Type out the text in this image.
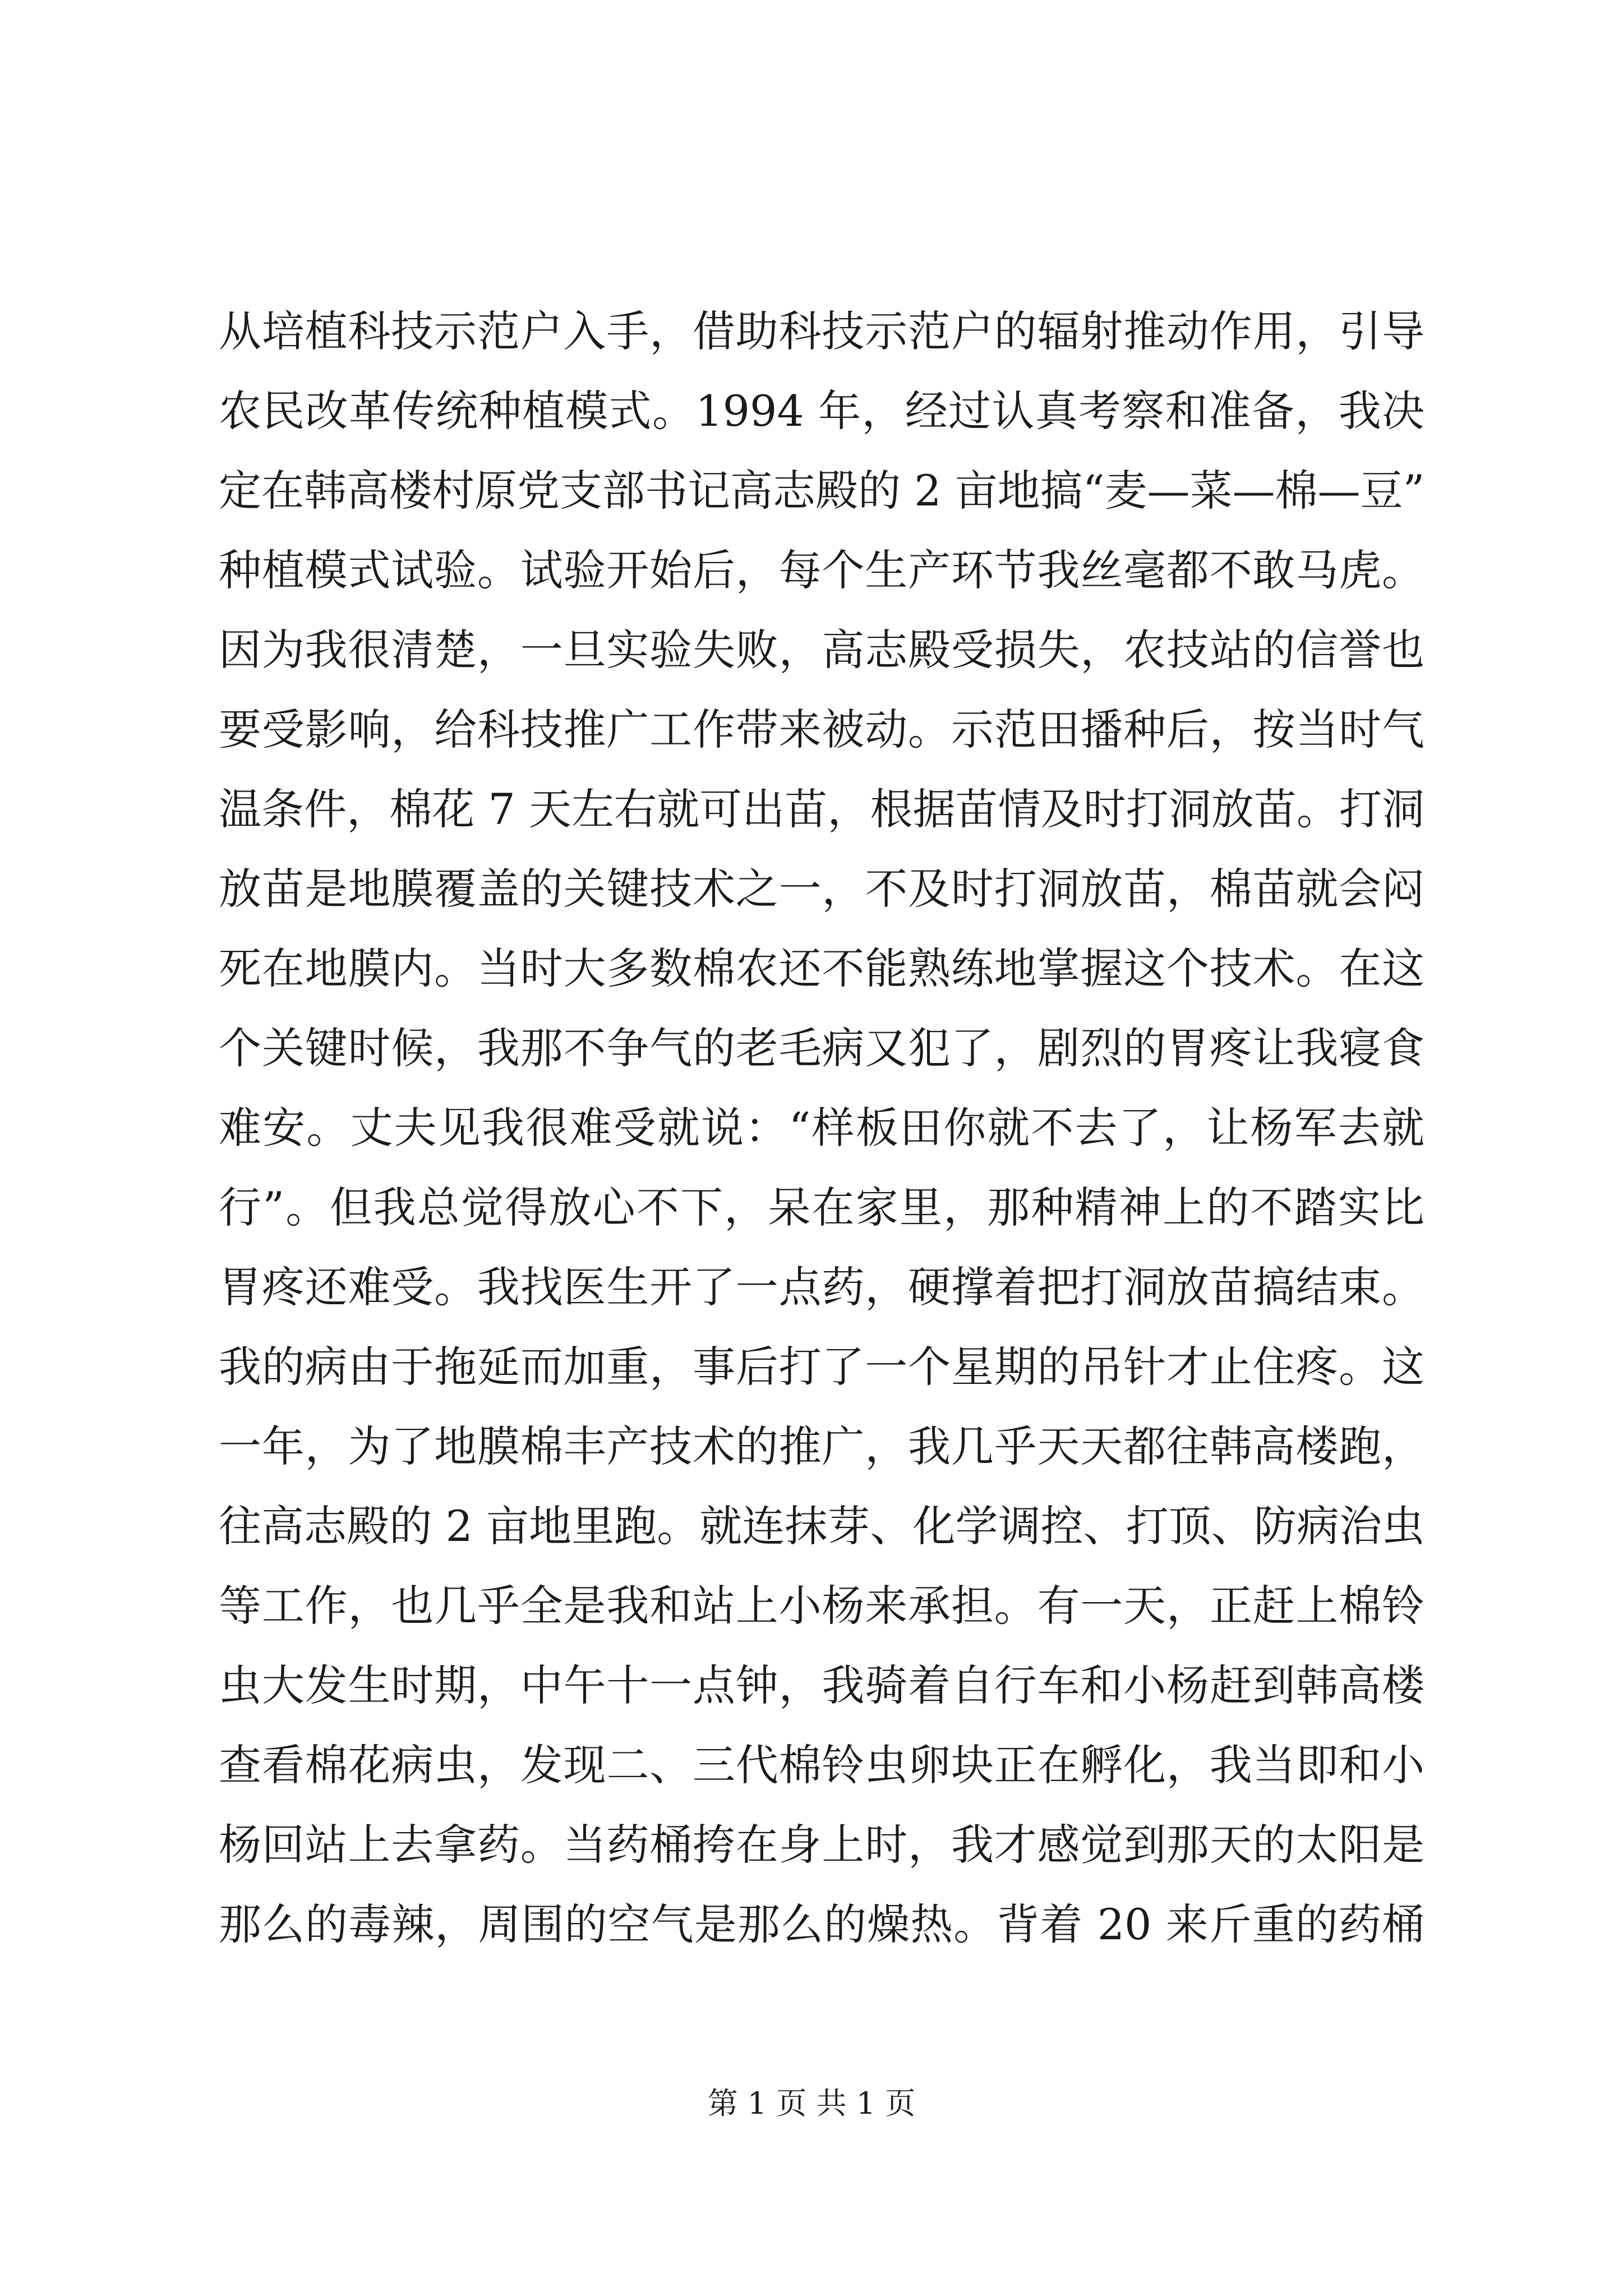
从培植科技示范户入手，借助科技示范户的辐射推动作用，引导
农民改革传统种植模式。1994 年，经过认真考察和准备，我决
定在韩高楼村原党支部书记高志殿的 2 亩地搞“麦—菜—棉—豆”
种植模式试验。试验开始后，每个生产环节我丝毫都不敢马虎。
因为我很清楚，一旦实验失败，高志殿受损失，农技站的信誉也
要受影响，给科技推广工作带来被动。示范田播种后，按当时气
温条件，棉花 7 天左右就可出苗，根据苗情及时打洞放苗。打洞
放苗是地膜覆盖的关键技术之一，不及时打洞放苗，棉苗就会闷
死在地膜内。当时大多数棉农还不能熟练地掌握这个技术。在这
个关键时候，我那不争气的老毛病又犯了，剧烈的胃疼让我寝食
难安。丈夫见我很难受就说：“样板田你就不去了，让杨军去就
行”。但我总觉得放心不下，呆在家里，那种精神上的不踏实比
胃疼还难受。我找医生开了一点药，硬撑着把打洞放苗搞结束。
我的病由于拖延而加重，事后打了一个星期的吊针才止住疼。这
一年，为了地膜棉丰产技术的推广，我几乎天天都往韩高楼跑，
往高志殿的 2 亩地里跑。就连抹芽、化学调控、打顶、防病治虫
等工作，也几乎全是我和站上小杨来承担。有一天，正赶上棉铃
虫大发生时期，中午十一点钟，我骑着自行车和小杨赶到韩高楼
查看棉花病虫，发现二、三代棉铃虫卵块正在孵化，我当即和小
杨回站上去拿药。当药桶挎在身上时，我才感觉到那天的太阳是
那么的毒辣，周围的空气是那么的燥热。背着 20 来斤重的药桶
第 1 页 共 1 页
